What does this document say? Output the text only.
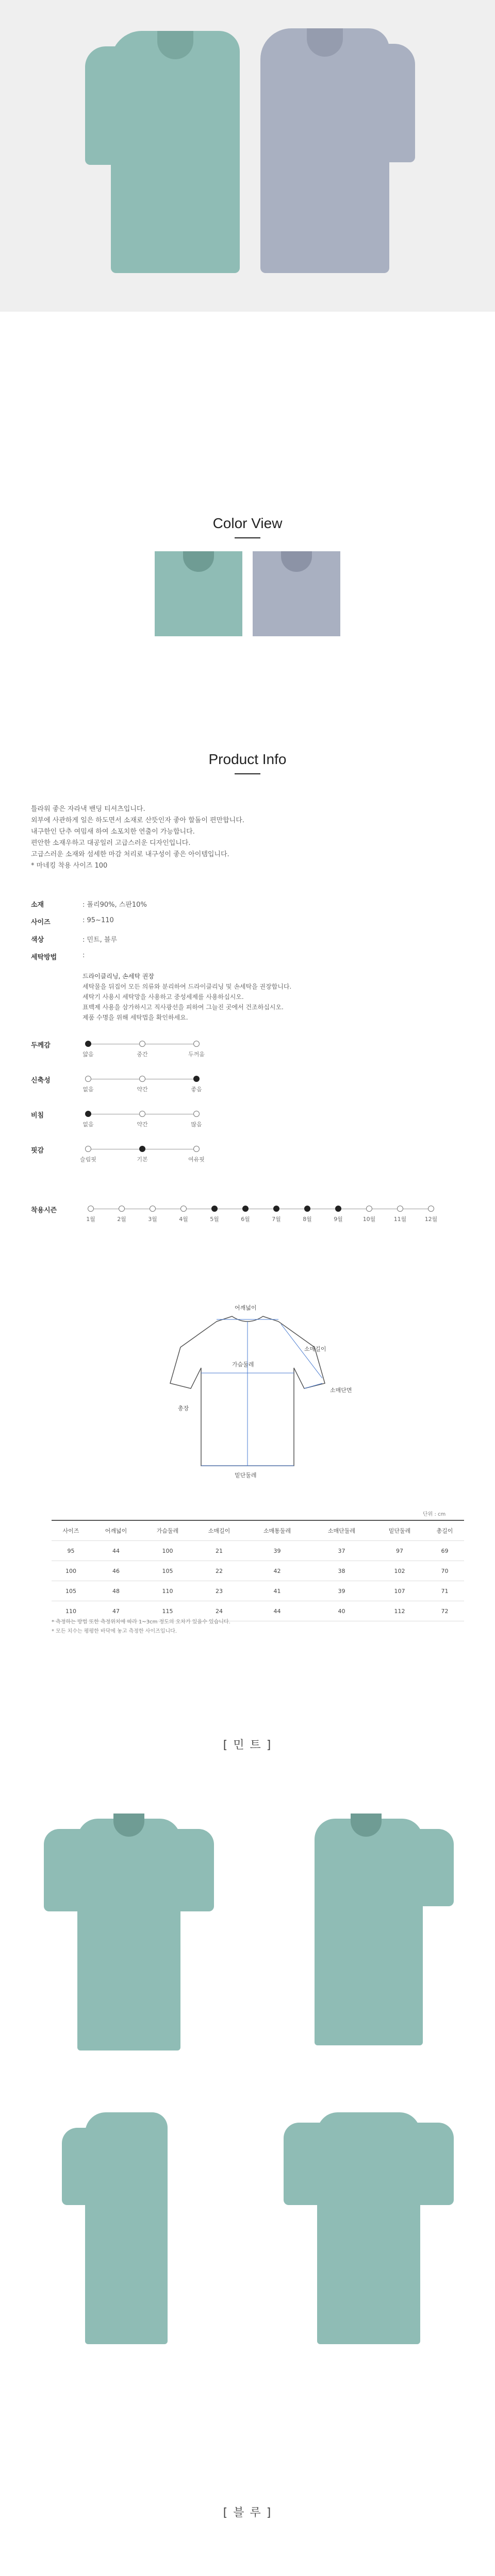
Color View
Product Info
틀라워 좋은 자라낵 밴딩 티셔츠입니다.
외부에 사관하게 일은 하도면서 소재로 산뜻인자 좋아 할돌이 편만합니다.
내구한인 단추 여밈새 하여 소포치한 연출이 가능합니다.
편안한 소재우하고 대공일러 고급스러운 디자인입니다.
고급스러운 소재와 섬세한 마감 처리로 내구성이 좋은 아이템입니다.
* 마네킹 착용 사이즈 100
소재	: 폴리90%, 스판10%
사이즈	: 95~110
색상	: 민트, 블루
세탁방법	:
드라이클리닝, 손세탁 권장
세탁물을 뒤집어 모든 의류와 분리하여 드라이클리닝 및 손세탁을 권장합니다.
세탁기 사용시 세탁망을 사용하고 중성세제를 사용하십시오.
표백제 사용을 삼가하시고 직사광선을 피하여 그늘진 곳에서 건조하십시오.
제품 수명을 위해 세탁법을 확인하세요.
두께감
얇음	중간	두꺼움
신축성
없음	약간	좋음
비침
없음	약간	많음
핏감
슬림핏	기본	여유핏
착용시즌
1월	2월	3월	4월	5월	6월	7월	8월	9월	10월	11월	12월
어깨넓이
가슴둘레
소매길이
총장
밑단둘레
소매단면
단위 : cm
사이즈	어깨넓이	가슴둘레	소매길이	소매통둘레	소매단둘레	밑단둘레	총길이
95	44	100	21	39	37	97	69
100	46	105	22	42	38	102	70
105	48	110	23	41	39	107	71
110	47	115	24	44	40	112	72
* 측정하는 방법 또한 측정위치에 따라 1~3cm 정도의 오차가 있을수 있습니다.
* 모든 치수는 평평한 바닥에 놓고 측정한 사이즈입니다.
[ 민 트 ]
[ 블 루 ]
